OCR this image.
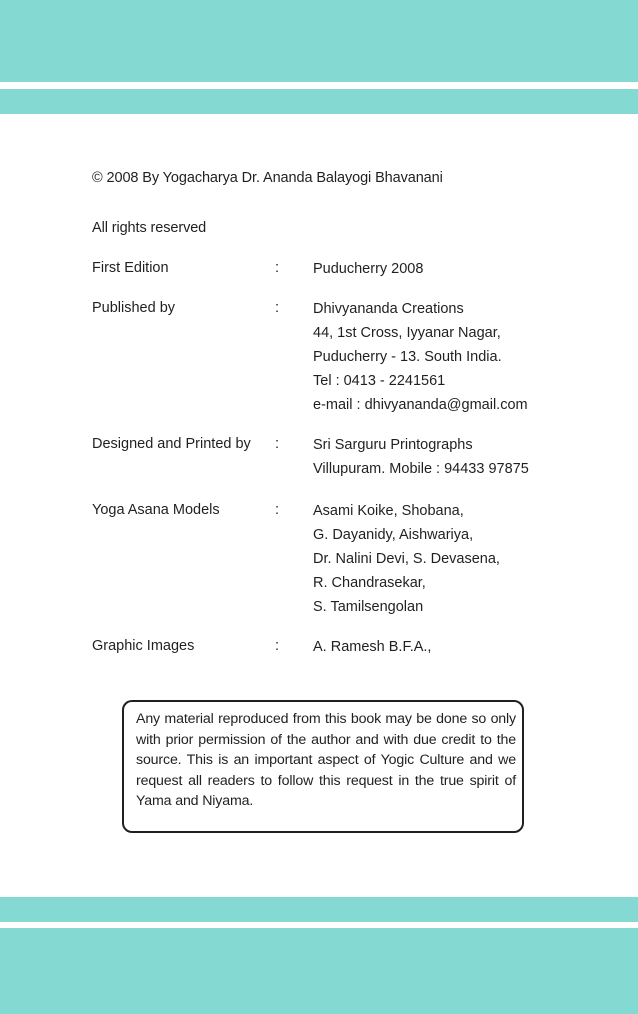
© 2008 By Yogacharya Dr. Ananda Balayogi Bhavanani
All rights reserved
First Edition	: Puducherry 2008
Published by	: Dhivyananda Creations
44, 1st Cross, Iyyanar Nagar,
Puducherry - 13. South India.
Tel : 0413 - 2241561
e-mail : dhivyananda@gmail.com
Designed and Printed by : Sri Sarguru Printographs
Villupuram. Mobile : 94433 97875
Yoga Asana Models	: Asami Koike, Shobana,
G. Dayanidy, Aishwariya,
Dr. Nalini Devi, S. Devasena,
R. Chandrasekar,
S. Tamilsengolan
Graphic Images	: A. Ramesh B.F.A.,
Any material reproduced from this book may be done so only with prior permission of the author and with due credit to the source. This is an important aspect of Yogic Culture and we request all readers to follow this request in the true spirit of Yama and Niyama.
